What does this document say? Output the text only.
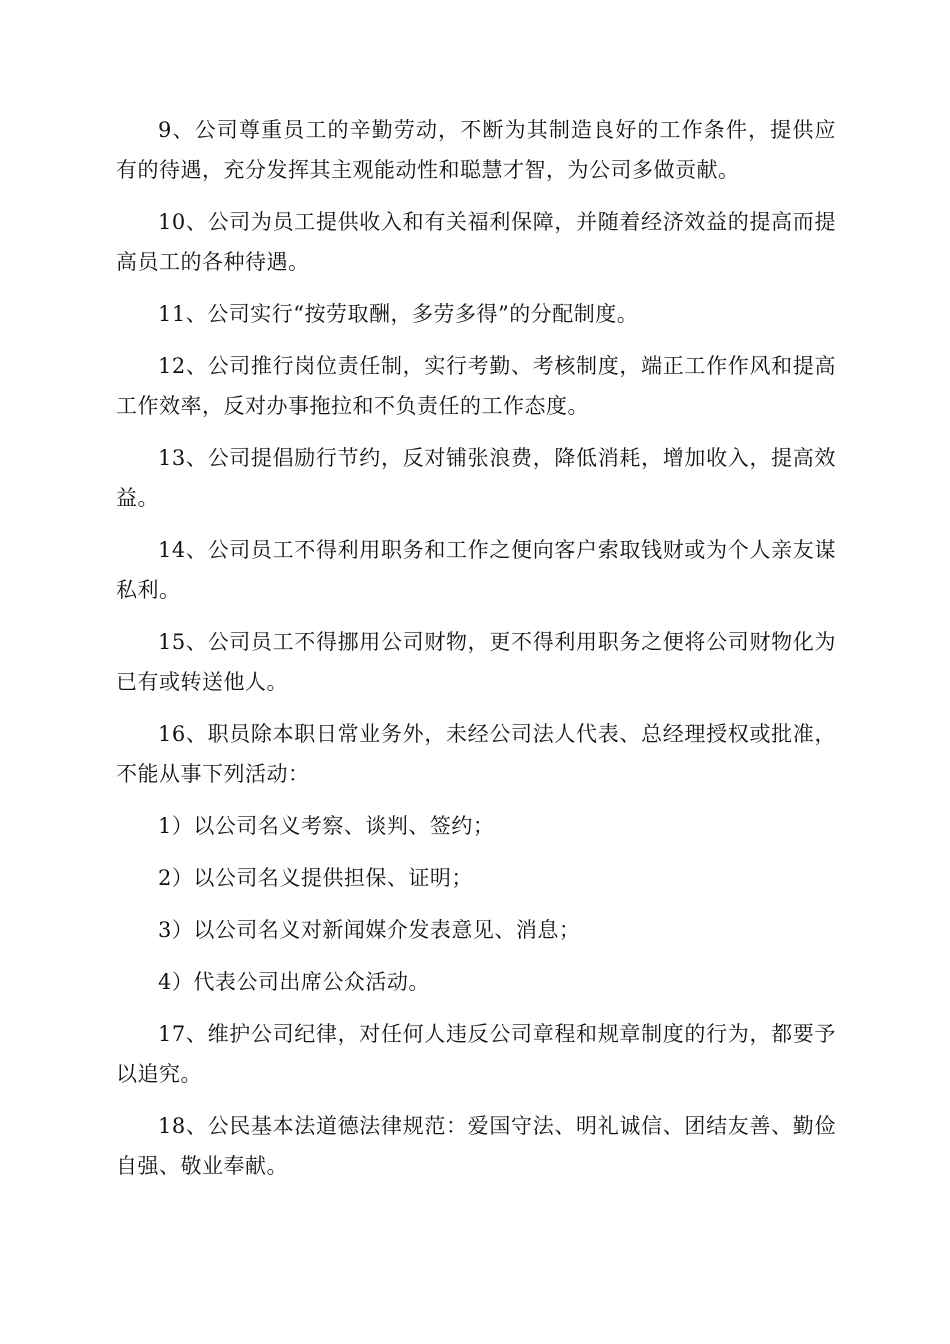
9、公司尊重员工的辛勤劳动，不断为其制造良好的工作条件，提供应有的待遇，充分发挥其主观能动性和聪慧才智，为公司多做贡献。

10、公司为员工提供收入和有关福利保障，并随着经济效益的提高而提高员工的各种待遇。

11、公司实行“按劳取酬，多劳多得”的分配制度。

12、公司推行岗位责任制，实行考勤、考核制度，端正工作作风和提高工作效率，反对办事拖拉和不负责任的工作态度。

13、公司提倡励行节约，反对铺张浪费，降低消耗，增加收入，提高效益。

14、公司员工不得利用职务和工作之便向客户索取钱财或为个人亲友谋私利。

15、公司员工不得挪用公司财物，更不得利用职务之便将公司财物化为已有或转送他人。

16、职员除本职日常业务外，未经公司法人代表、总经理授权或批准，不能从事下列活动：

1）以公司名义考察、谈判、签约；

2）以公司名义提供担保、证明；

3）以公司名义对新闻媒介发表意见、消息；

4）代表公司出席公众活动。

17、维护公司纪律，对任何人违反公司章程和规章制度的行为，都要予以追究。

18、公民基本法道德法律规范：爱国守法、明礼诚信、团结友善、勤俭自强、敬业奉献。
